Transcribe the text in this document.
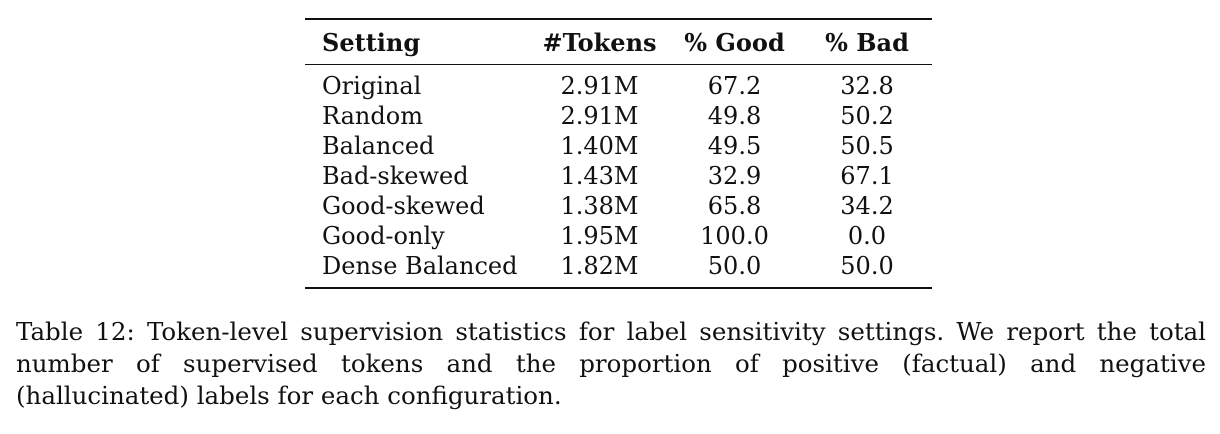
Setting	#Tokens	% Good	% Bad
Original	2.91M	67.2	32.8
Random	2.91M	49.8	50.2
Balanced	1.40M	49.5	50.5
Bad-skewed	1.43M	32.9	67.1
Good-skewed	1.38M	65.8	34.2
Good-only	1.95M	100.0	0.0
Dense Balanced	1.82M	50.0	50.0
Table 12: Token-level supervision statistics for label sensitivity settings. We report the total number of supervised tokens and the proportion of positive (factual) and negative (hallucinated) labels for each configuration.
